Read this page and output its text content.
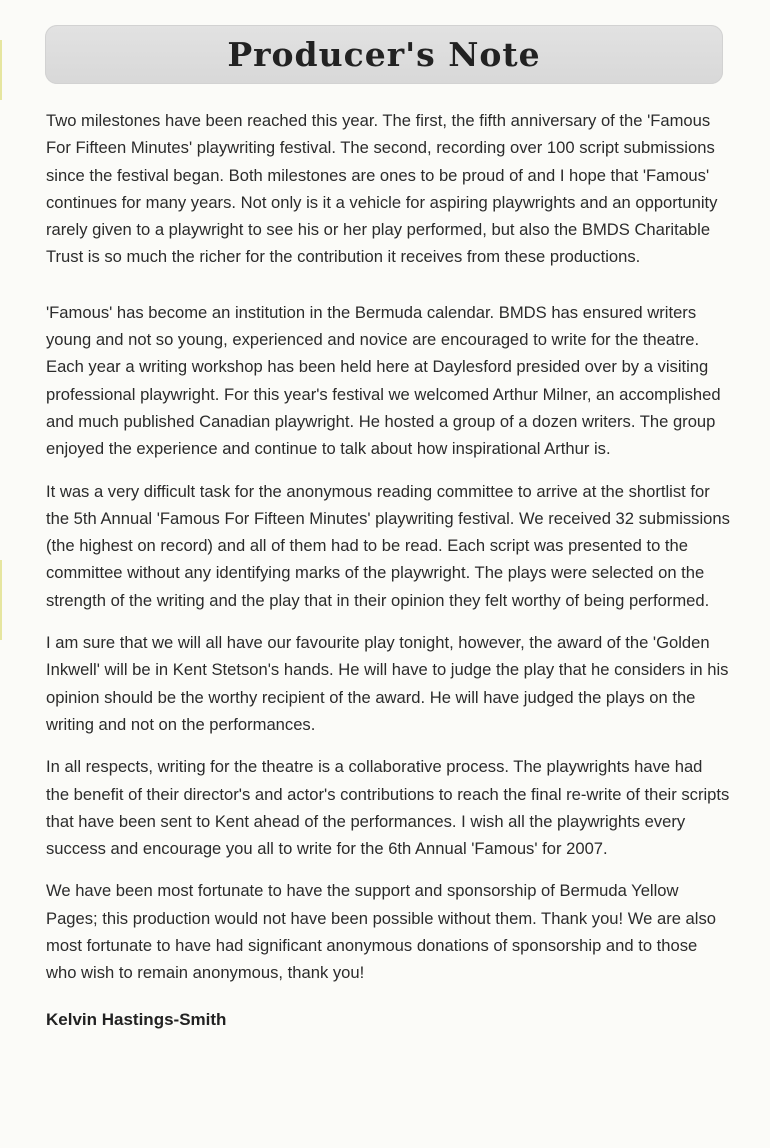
Producer's Note

Two milestones have been reached this year. The first, the fifth anniversary of the 'Famous For Fifteen Minutes' playwriting festival. The second, recording over 100 script submissions since the festival began. Both milestones are ones to be proud of and I hope that 'Famous' continues for many years. Not only is it a vehicle for aspiring playwrights and an opportunity rarely given to a playwright to see his or her play performed, but also the BMDS Charitable Trust is so much the richer for the contribution it receives from these productions.

'Famous' has become an institution in the Bermuda calendar. BMDS has ensured writers young and not so young, experienced and novice are encouraged to write for the theatre. Each year a writing workshop has been held here at Daylesford presided over by a visiting professional playwright. For this year's festival we welcomed Arthur Milner, an accomplished and much published Canadian playwright. He hosted a group of a dozen writers. The group enjoyed the experience and continue to talk about how inspirational Arthur is.

It was a very difficult task for the anonymous reading committee to arrive at the shortlist for the 5th Annual 'Famous For Fifteen Minutes' playwriting festival. We received 32 submissions (the highest on record) and all of them had to be read. Each script was presented to the committee without any identifying marks of the playwright. The plays were selected on the strength of the writing and the play that in their opinion they felt worthy of being performed.

I am sure that we will all have our favourite play tonight, however, the award of the 'Golden Inkwell' will be in Kent Stetson's hands. He will have to judge the play that he considers in his opinion should be the worthy recipient of the award. He will have judged the plays on the writing and not on the performances.

In all respects, writing for the theatre is a collaborative process. The playwrights have had the benefit of their director's and actor's contributions to reach the final re-write of their scripts that have been sent to Kent ahead of the performances. I wish all the playwrights every success and encourage you all to write for the 6th Annual 'Famous' for 2007.

We have been most fortunate to have the support and sponsorship of Bermuda Yellow Pages; this production would not have been possible without them. Thank you! We are also most fortunate to have had significant anonymous donations of sponsorship and to those who wish to remain anonymous, thank you!

Kelvin Hastings-Smith
